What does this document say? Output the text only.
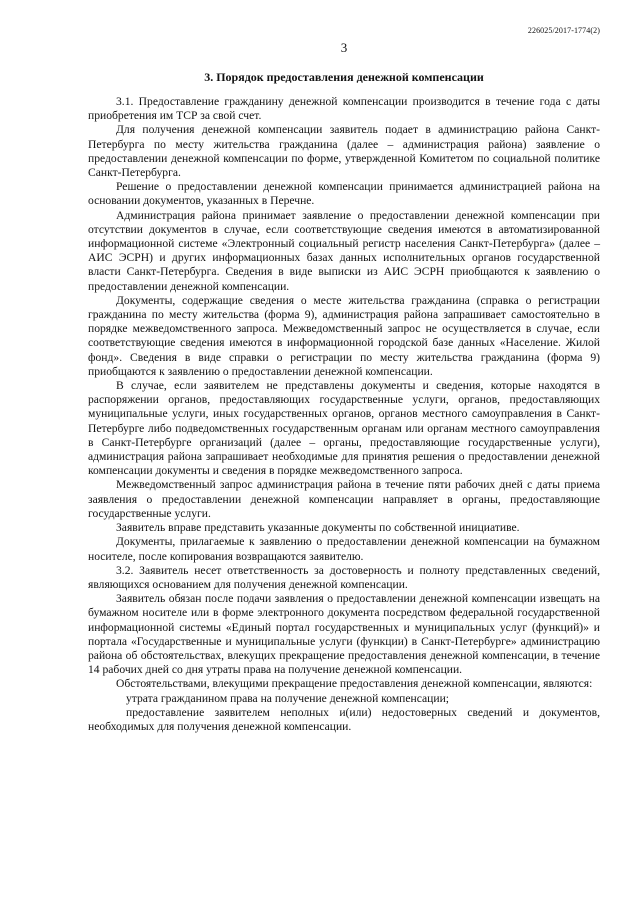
226025/2017-1774(2)
3
3. Порядок предоставления денежной компенсации

3.1. Предоставление гражданину денежной компенсации производится в течение года с даты приобретения им ТСР за свой счет.

Для получения денежной компенсации заявитель подает в администрацию района Санкт-Петербурга по месту жительства гражданина (далее – администрация района) заявление о предоставлении денежной компенсации по форме, утвержденной Комитетом по социальной политике Санкт-Петербурга.

Решение о предоставлении денежной компенсации принимается администрацией района на основании документов, указанных в Перечне.

Администрация района принимает заявление о предоставлении денежной компенсации при отсутствии документов в случае, если соответствующие сведения имеются в автоматизированной информационной системе «Электронный социальный регистр населения Санкт-Петербурга» (далее – АИС ЭСРН) и других информационных базах данных исполнительных органов государственной власти Санкт-Петербурга. Сведения в виде выписки из АИС ЭСРН приобщаются к заявлению о предоставлении денежной компенсации.

Документы, содержащие сведения о месте жительства гражданина (справка о регистрации гражданина по месту жительства (форма 9), администрация района запрашивает самостоятельно в порядке межведомственного запроса. Межведомственный запрос не осуществляется в случае, если соответствующие сведения имеются в информационной городской базе данных «Население. Жилой фонд». Сведения в виде справки о регистрации по месту жительства гражданина (форма 9) приобщаются к заявлению о предоставлении денежной компенсации.

В случае, если заявителем не представлены документы и сведения, которые находятся в распоряжении органов, предоставляющих государственные услуги, органов, предоставляющих муниципальные услуги, иных государственных органов, органов местного самоуправления в Санкт-Петербурге либо подведомственных государственным органам или органам местного самоуправления в Санкт-Петербурге организаций (далее – органы, предоставляющие государственные услуги), администрация района запрашивает необходимые для принятия решения о предоставлении денежной компенсации документы и сведения в порядке межведомственного запроса.

Межведомственный запрос администрация района в течение пяти рабочих дней с даты приема заявления о предоставлении денежной компенсации направляет в органы, предоставляющие государственные услуги.

Заявитель вправе представить указанные документы по собственной инициативе.

Документы, прилагаемые к заявлению о предоставлении денежной компенсации на бумажном носителе, после копирования возвращаются заявителю.

3.2. Заявитель несет ответственность за достоверность и полноту представленных сведений, являющихся основанием для получения денежной компенсации.

Заявитель обязан после подачи заявления о предоставлении денежной компенсации извещать на бумажном носителе или в форме электронного документа посредством федеральной государственной информационной системы «Единый портал государственных и муниципальных услуг (функций)» и портала «Государственные и муниципальные услуги (функции) в Санкт-Петербурге» администрацию района об обстоятельствах, влекущих прекращение предоставления денежной компенсации, в течение 14 рабочих дней со дня утраты права на получение денежной компенсации.

Обстоятельствами, влекущими прекращение предоставления денежной компенсации, являются:

утрата гражданином права на получение денежной компенсации;

предоставление заявителем неполных и(или) недостоверных сведений и документов, необходимых для получения денежной компенсации.
